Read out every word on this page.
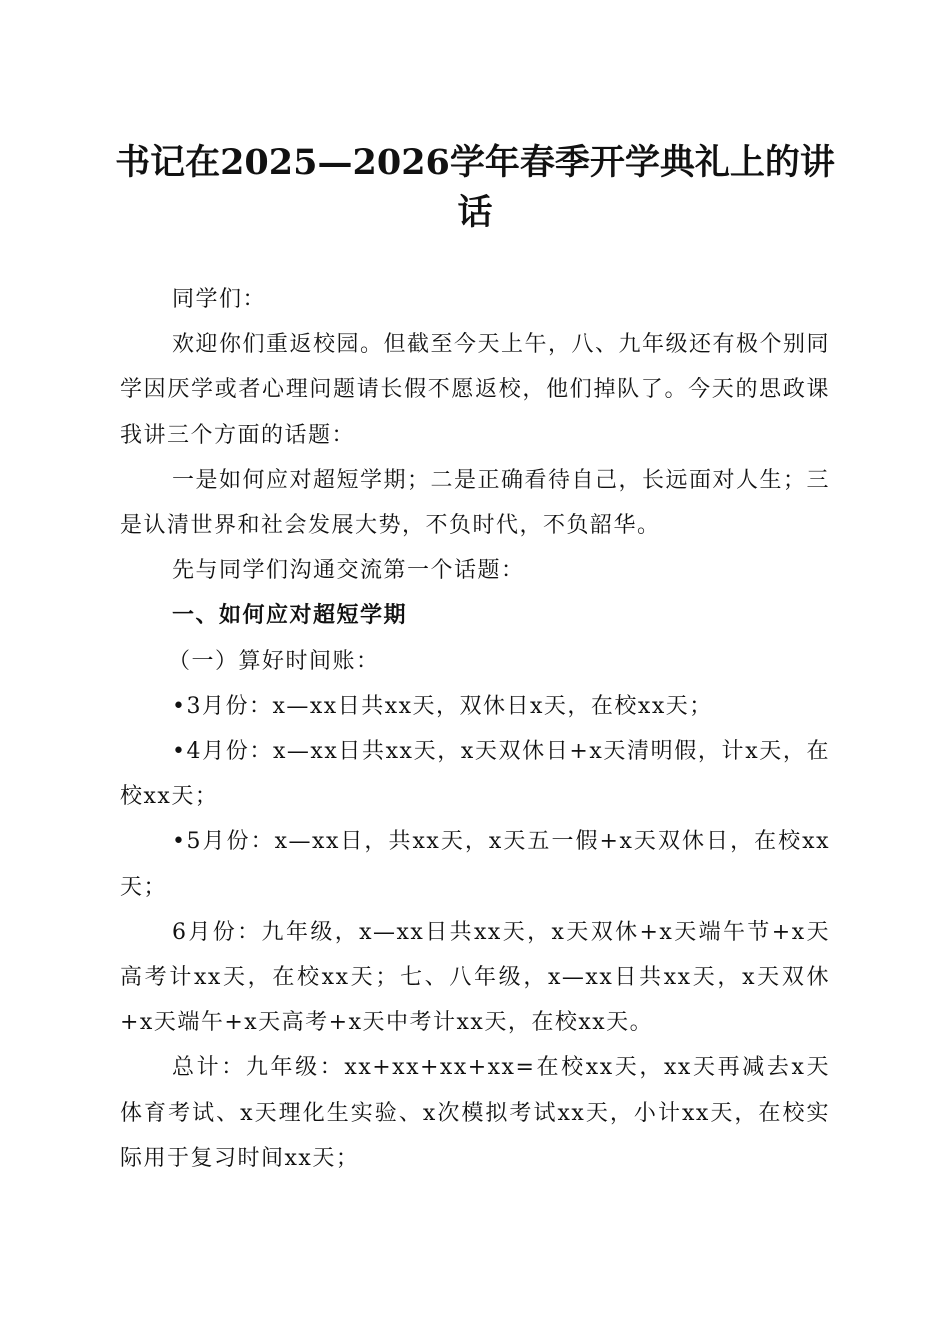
书记在2025—2026学年春季开学典礼上的讲话

同学们：

欢迎你们重返校园。但截至今天上午，八、九年级还有极个别同学因厌学或者心理问题请长假不愿返校，他们掉队了。今天的思政课我讲三个方面的话题：

一是如何应对超短学期；二是正确看待自己，长远面对人生；三是认清世界和社会发展大势，不负时代，不负韶华。

先与同学们沟通交流第一个话题：

一、如何应对超短学期

（一）算好时间账：

•3月份：x—xx日共xx天，双休日x天，在校xx天；

•4月份：x—xx日共xx天，x天双休日+x天清明假，计x天，在校xx天；

•5月份：x—xx日，共xx天，x天五一假+x天双休日，在校xx天；

6月份：九年级，x—xx日共xx天，x天双休+x天端午节+x天高考计xx天，在校xx天；七、八年级，x—xx日共xx天，x天双休+x天端午+x天高考+x天中考计xx天，在校xx天。

总计：九年级：xx+xx+xx+xx=在校xx天，xx天再减去x天体育考试、x天理化生实验、x次模拟考试xx天，小计xx天，在校实际用于复习时间xx天；
